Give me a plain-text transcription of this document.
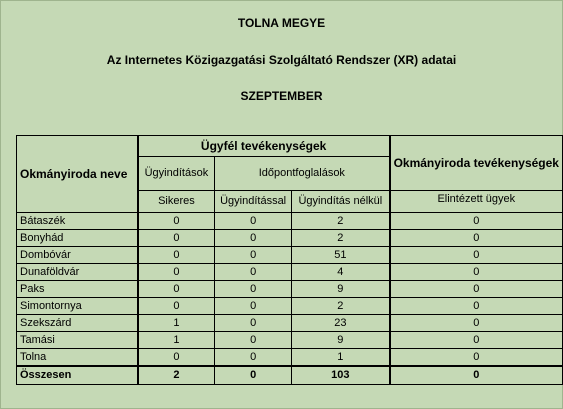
TOLNA MEGYE
Az Internetes Közigazgatási Szolgáltató Rendszer (XR) adatai
SZEPTEMBER
Okmányiroda neve	Ügyfél tevékenységek			Okmányiroda tevékenységek
	Ügyindítások	Időpontfoglalások		
	Sikeres	Ügyindítással	Ügyindítás nélkül	Elintézett ügyek
Bátaszék	0	0	2	0
Bonyhád	0	0	2	0
Dombóvár	0	0	51	0
Dunaföldvár	0	0	4	0
Paks	0	0	9	0
Simontornya	0	0	2	0
Szekszárd	1	0	23	0
Tamási	1	0	9	0
Tolna	0	0	1	0
Összesen	2	0	103	0
